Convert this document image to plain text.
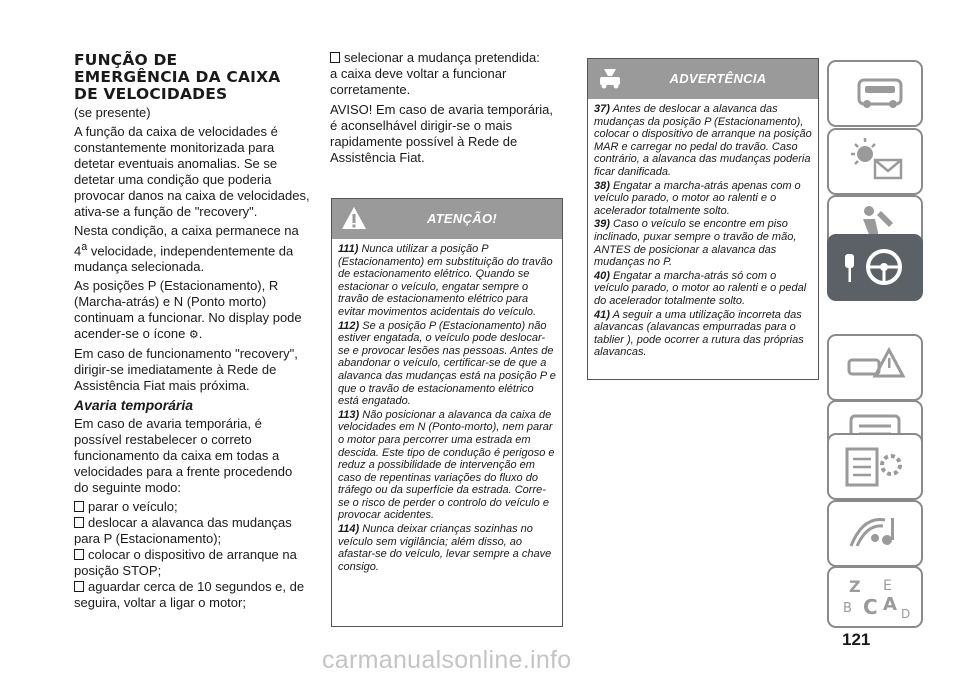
FUNÇÃO DE
EMERGÊNCIA DA CAIXA
DE VELOCIDADES
(se presente)

A função da caixa de velocidades é constantemente monitorizada para detetar eventuais anomalias. Se se detetar uma condição que poderia provocar danos na caixa de velocidades, ativa-se a função de "recovery".

Nesta condição, a caixa permanece na 4$^a$ velocidade, independentemente da mudança selecionada.

As posições P (Estacionamento), R (Marcha-atrás) e N (Ponto morto) continuam a funcionar. No display pode acender-se o ícone ⚙.

Em caso de funcionamento "recovery", dirigir-se imediatamente à Rede de Assistência Fiat mais próxima.

Avaria temporária

Em caso de avaria temporária, é possível restabelecer o correto funcionamento da caixa em todas a velocidades para a frente procedendo do seguinte modo:

parar o veículo;

deslocar a alavanca das mudanças para P (Estacionamento);

colocar o dispositivo de arranque na posição STOP;

aguardar cerca de 10 segundos e, de seguira, voltar a ligar o motor;

selecionar a mudança pretendida:

a caixa deve voltar a funcionar corretamente.

AVISO! Em caso de avaria temporária, é aconselhável dirigir-se o mais rapidamente possível à Rede de Assistência Fiat.

ATENÇÃO!

111) Nunca utilizar a posição P (Estacionamento) em substituição do travão de estacionamento elétrico. Quando se estacionar o veículo, engatar sempre o travão de estacionamento elétrico para evitar movimentos acidentais do veículo.

112) Se a posição P (Estacionamento) não estiver engatada, o veículo pode deslocar-se e provocar lesões nas pessoas. Antes de abandonar o veículo, certificar-se de que a alavanca das mudanças está na posição P e que o travão de estacionamento elétrico está engatado.

113) Não posicionar a alavanca da caixa de velocidades em N (Ponto-morto), nem parar o motor para percorrer uma estrada em descida. Este tipo de condução é perigoso e reduz a possibilidade de intervenção em caso de repentinas variações do fluxo do tráfego ou da superfície da estrada. Corre-se o risco de perder o controlo do veículo e provocar acidentes.

114) Nunca deixar crianças sozinhas no veículo sem vigilância; além disso, ao afastar-se do veículo, levar sempre a chave consigo.

ADVERTÊNCIA

37) Antes de deslocar a alavanca das mudanças da posição P (Estacionamento), colocar o dispositivo de arranque na posição MAR e carregar no pedal do travão. Caso contrário, a alavanca das mudanças poderia ficar danificada.

38) Engatar a marcha-atrás apenas com o veículo parado, o motor ao ralenti e o acelerador totalmente solto.

39) Caso o veículo se encontre em piso inclinado, puxar sempre o travão de mão, ANTES de posicionar a alavanca das mudanças no P.

40) Engatar a marcha-atrás só com o veículo parado, o motor ao ralenti e o pedal do acelerador totalmente solto.

41) A seguir a uma utilização incorreta das alavancas (alavancas empurradas para o tablier ), pode ocorrer a rutura das próprias alavancas.

Z E
B C A D
121
carmanualsonline.info
